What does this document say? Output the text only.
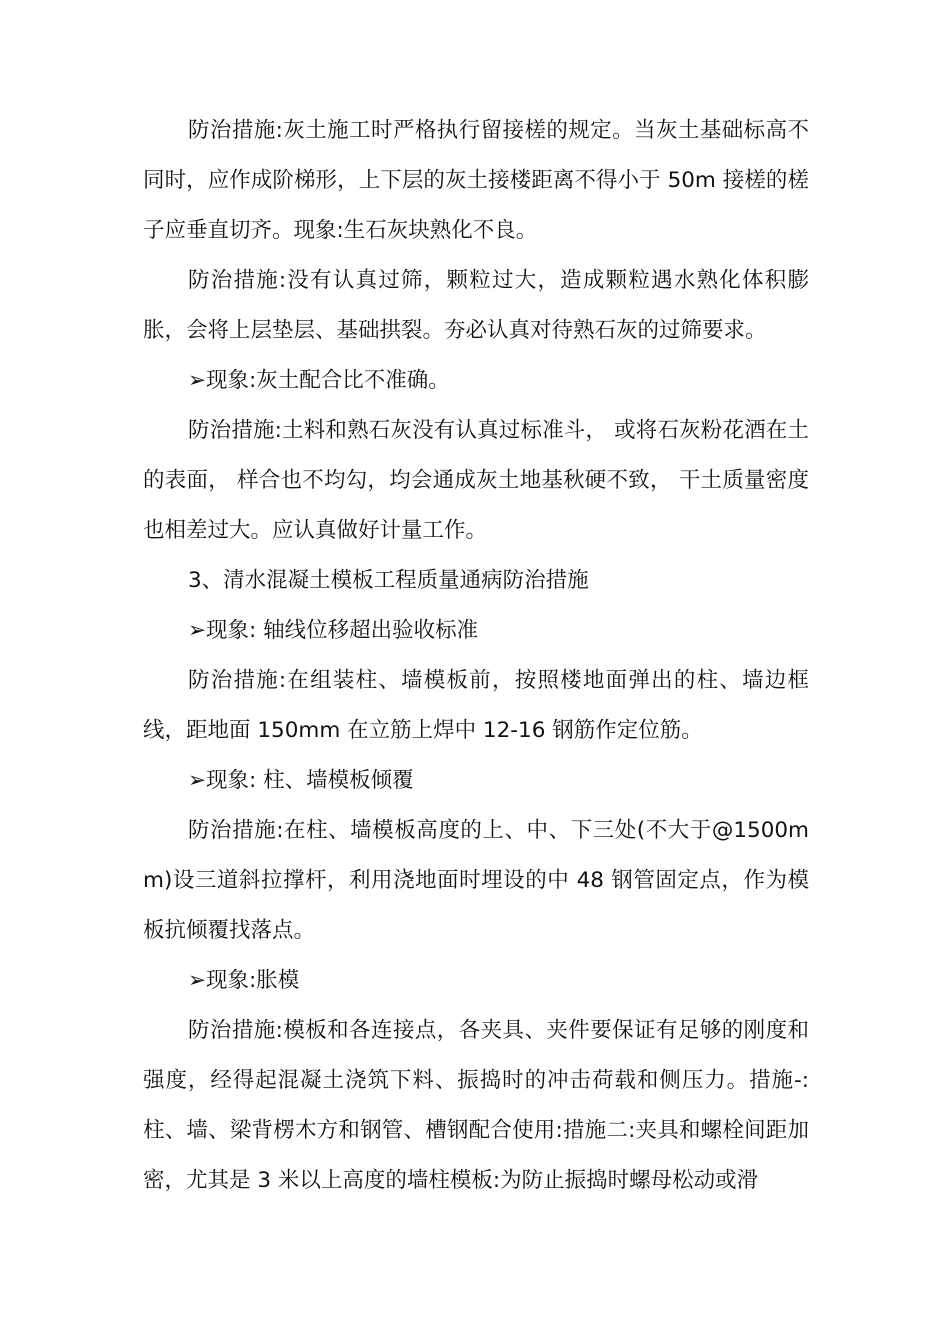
防治措施:灰土施工时严格执行留接槎的规定。当灰土基础标高不同时，应作成阶梯形，上下层的灰土接楼距离不得小于 50m 接槎的槎子应垂直切齐。现象:生石灰块熟化不良。

防治措施:没有认真过筛，颗粒过大，造成颗粒遇水熟化体积膨胀，会将上层垫层、基础拱裂。夯必认真对待熟石灰的过筛要求。

➢现象:灰土配合比不准确。

防治措施:土料和熟石灰没有认真过标准斗， 或将石灰粉花酒在土的表面， 样合也不均勾，均会通成灰土地基秋硬不致， 干土质量密度也相差过大。应认真做好计量工作。

3、清水混凝土模板工程质量通病防治措施

➢现象: 轴线位移超出验收标准

防治措施:在组装柱、墙模板前，按照楼地面弹出的柱、墙边框线，距地面 150mm 在立筋上焊中 12-16 钢筋作定位筋。

➢现象: 柱、墙模板倾覆

防治措施:在柱、墙模板高度的上、中、下三处(不大于@1500mm)设三道斜拉撑杆，利用浇地面时埋设的中 48 钢管固定点，作为模板抗倾覆找落点。

➢现象:胀模

防治措施:模板和各连接点，各夹具、夹件要保证有足够的刚度和强度，经得起混凝土浇筑下料、振捣时的冲击荷载和侧压力。措施-:柱、墙、梁背楞木方和钢管、槽钢配合使用:措施二:夹具和螺栓间距加密，尤其是 3 米以上高度的墙柱模板:为防止振捣时螺母松动或滑
